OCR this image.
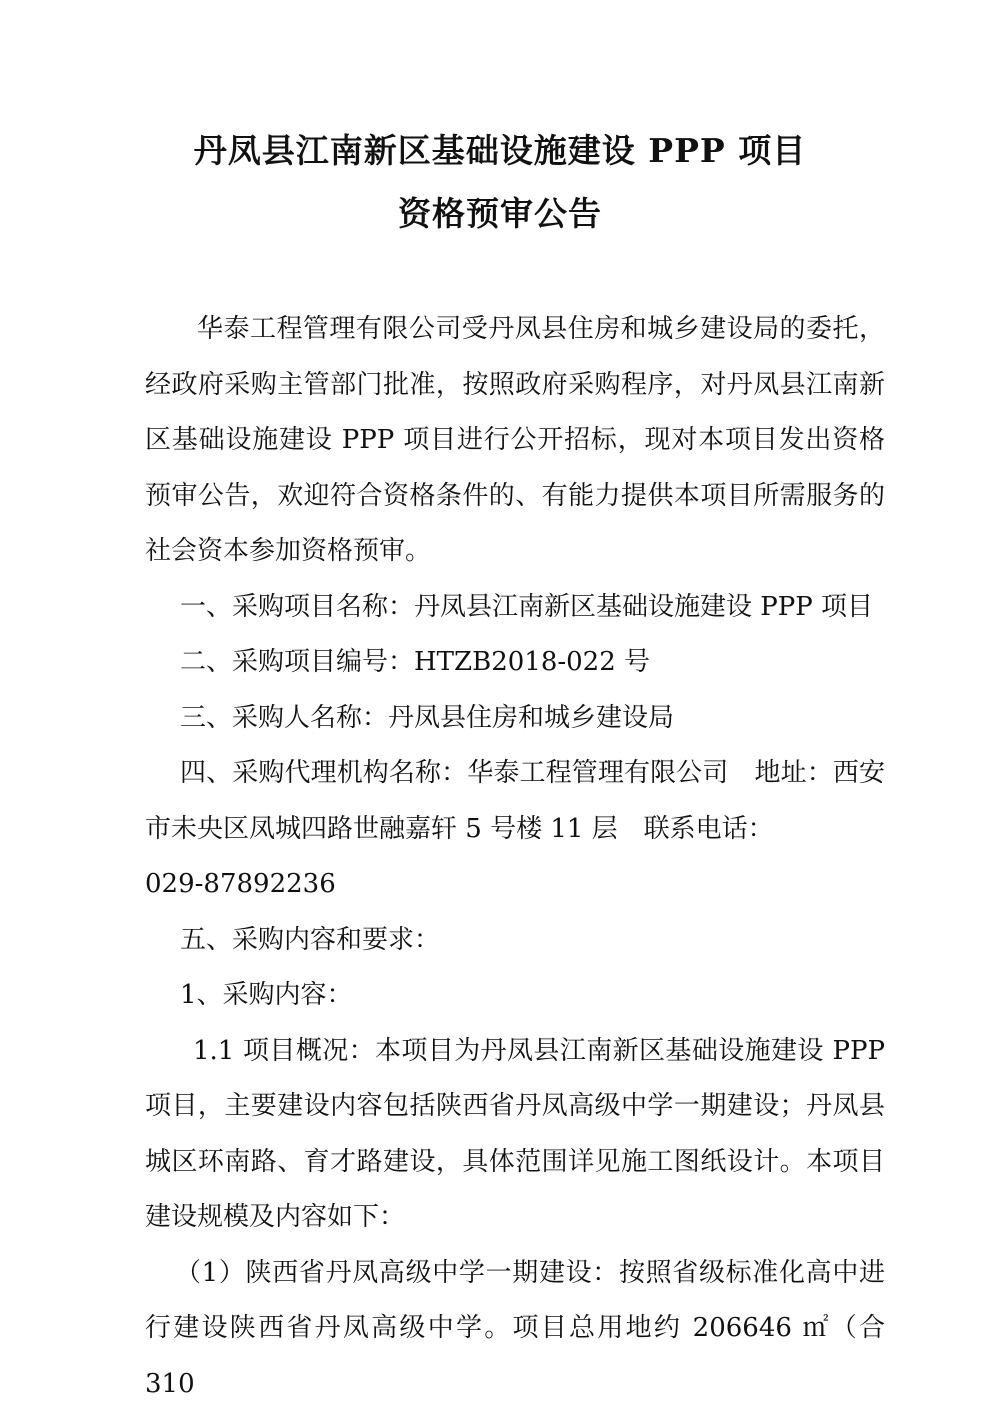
丹凤县江南新区基础设施建设 PPP 项目
资格预审公告

华泰工程管理有限公司受丹凤县住房和城乡建设局的委托，经政府采购主管部门批准，按照政府采购程序，对丹凤县江南新区基础设施建设 PPP 项目进行公开招标，现对本项目发出资格预审公告，欢迎符合资格条件的、有能力提供本项目所需服务的社会资本参加资格预审。

一、采购项目名称：丹凤县江南新区基础设施建设 PPP 项目

二、采购项目编号：HTZB2018-022 号

三、采购人名称：丹凤县住房和城乡建设局

四、采购代理机构名称：华泰工程管理有限公司　地址：西安市未央区凤城四路世融嘉轩 5 号楼 11 层　联系电话：

029-87892236

五、采购内容和要求：

1、采购内容：

1.1 项目概况：本项目为丹凤县江南新区基础设施建设 PPP 项目，主要建设内容包括陕西省丹凤高级中学一期建设；丹凤县城区环南路、育才路建设，具体范围详见施工图纸设计。本项目建设规模及内容如下：

（1）陕西省丹凤高级中学一期建设：按照省级标准化高中进行建设陕西省丹凤高级中学。项目总用地约 206646 ㎡（合 310
